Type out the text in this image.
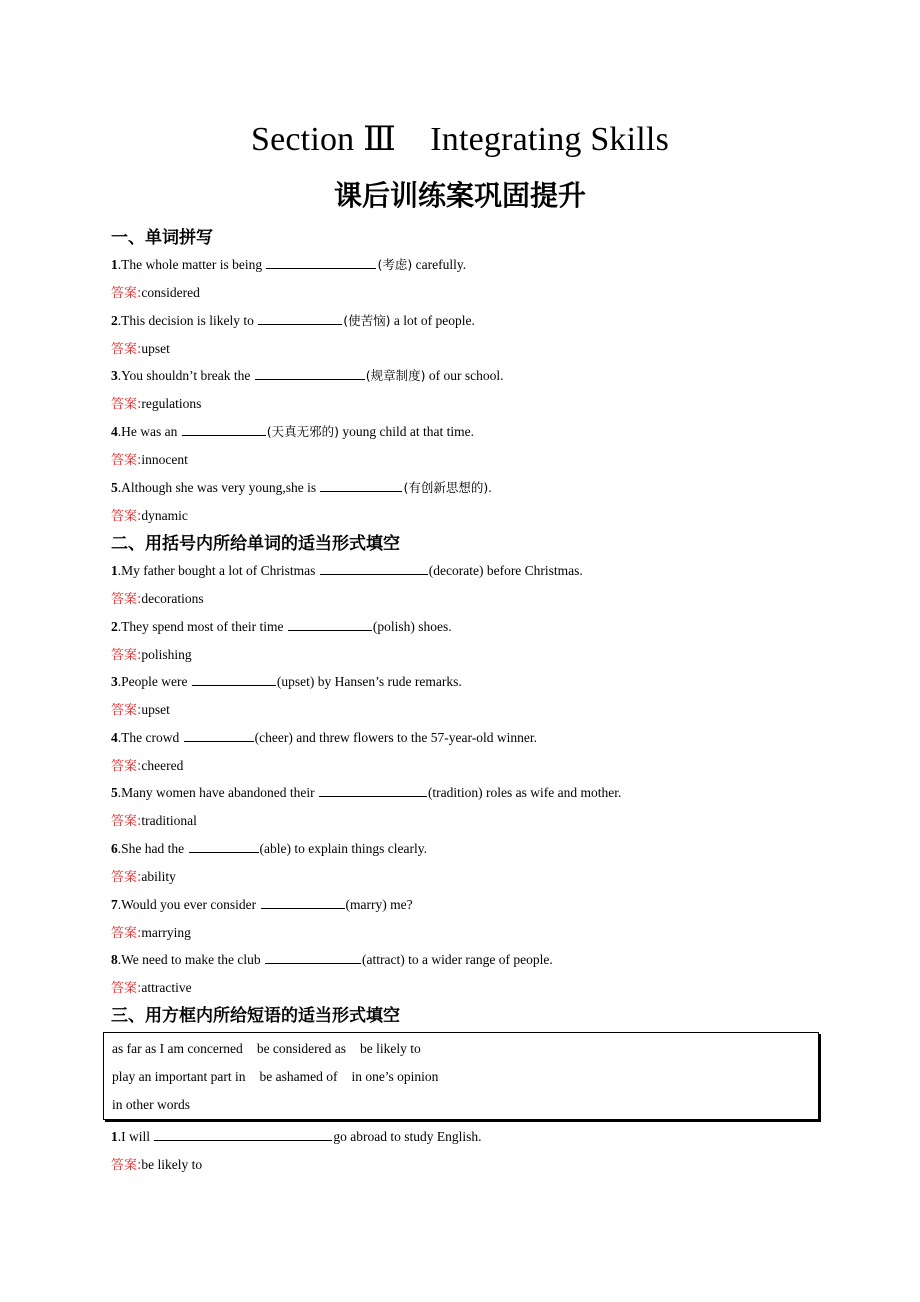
Section Ⅲ　Integrating Skills
课后训练案巩固提升
一、单词拼写
1.The whole matter is being	(考虑) carefully.
答案:considered
2.This decision is likely to	(使苦恼) a lot of people.
答案:upset
3.You shouldn’t break the	(规章制度) of our school.
答案:regulations
4.He was an	(天真无邪的) young child at that time.
答案:innocent
5.Although she was very young,she is	(有创新思想的).
答案:dynamic
二、用括号内所给单词的适当形式填空
1.My father bought a lot of Christmas	(decorate) before Christmas.
答案:decorations
2.They spend most of their time	(polish) shoes.
答案:polishing
3.People were	(upset) by Hansen’s rude remarks.
答案:upset
4.The crowd	(cheer) and threw flowers to the 57-year-old winner.
答案:cheered
5.Many women have abandoned their	(tradition) roles as wife and mother.
答案:traditional
6.She had the	(able) to explain things clearly.
答案:ability
7.Would you ever consider	(marry) me?
答案:marrying
8.We need to make the club	(attract) to a wider range of people.
答案:attractive
三、用方框内所给短语的适当形式填空
as far as I am concerned be considered as be likely to
play an important part in be ashamed of in one’s opinion
in other words
1.I will	go abroad to study English.
答案:be likely to
